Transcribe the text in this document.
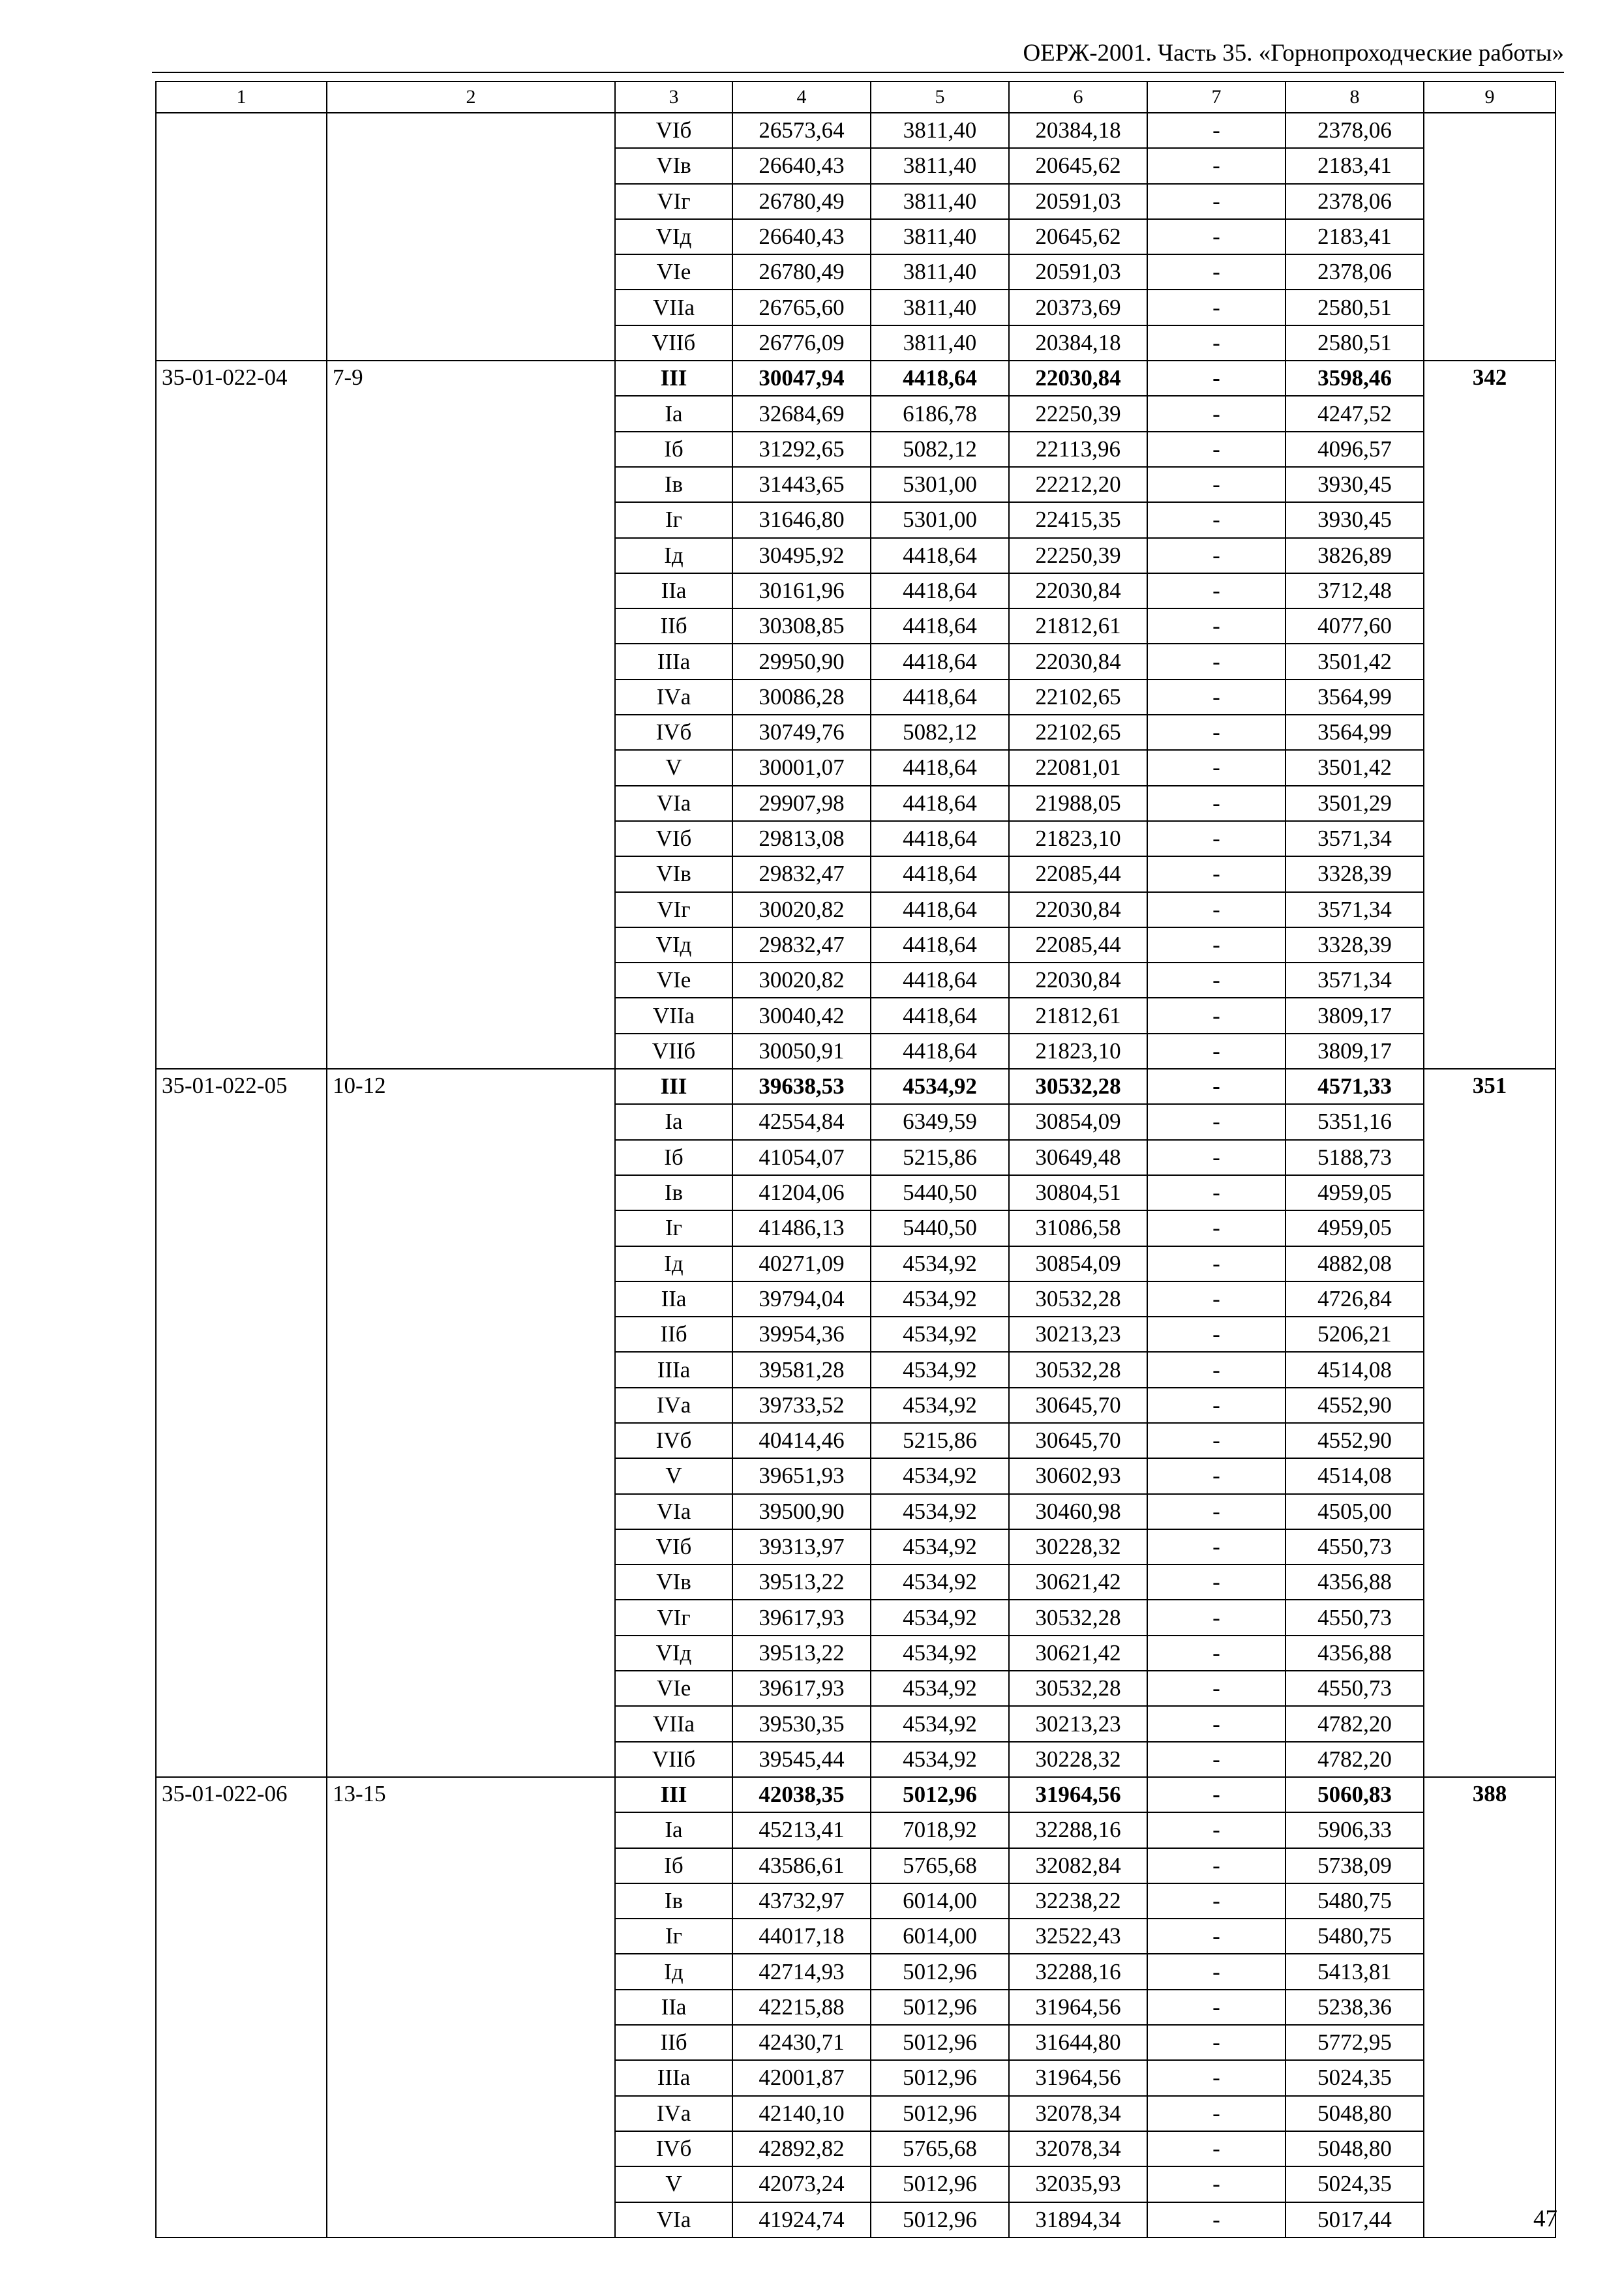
ОЕРЖ-2001. Часть 35. «Горнопроходческие работы»
1	2	3	4	5	6	7	8	9
		VIб	26573,64	3811,40	20384,18	-	2378,06	
		VIв	26640,43	3811,40	20645,62	-	2183,41	
		VIг	26780,49	3811,40	20591,03	-	2378,06	
		VIд	26640,43	3811,40	20645,62	-	2183,41	
		VIе	26780,49	3811,40	20591,03	-	2378,06	
		VIIа	26765,60	3811,40	20373,69	-	2580,51	
		VIIб	26776,09	3811,40	20384,18	-	2580,51	
35-01-022-04	7-9	III	30047,94	4418,64	22030,84	-	3598,46	342
		Iа	32684,69	6186,78	22250,39	-	4247,52	
		Iб	31292,65	5082,12	22113,96	-	4096,57	
		Iв	31443,65	5301,00	22212,20	-	3930,45	
		Iг	31646,80	5301,00	22415,35	-	3930,45	
		Iд	30495,92	4418,64	22250,39	-	3826,89	
		IIа	30161,96	4418,64	22030,84	-	3712,48	
		IIб	30308,85	4418,64	21812,61	-	4077,60	
		IIIа	29950,90	4418,64	22030,84	-	3501,42	
		IVа	30086,28	4418,64	22102,65	-	3564,99	
		IVб	30749,76	5082,12	22102,65	-	3564,99	
		V	30001,07	4418,64	22081,01	-	3501,42	
		VIа	29907,98	4418,64	21988,05	-	3501,29	
		VIб	29813,08	4418,64	21823,10	-	3571,34	
		VIв	29832,47	4418,64	22085,44	-	3328,39	
		VIг	30020,82	4418,64	22030,84	-	3571,34	
		VIд	29832,47	4418,64	22085,44	-	3328,39	
		VIе	30020,82	4418,64	22030,84	-	3571,34	
		VIIа	30040,42	4418,64	21812,61	-	3809,17	
		VIIб	30050,91	4418,64	21823,10	-	3809,17	
35-01-022-05	10-12	III	39638,53	4534,92	30532,28	-	4571,33	351
		Iа	42554,84	6349,59	30854,09	-	5351,16	
		Iб	41054,07	5215,86	30649,48	-	5188,73	
		Iв	41204,06	5440,50	30804,51	-	4959,05	
		Iг	41486,13	5440,50	31086,58	-	4959,05	
		Iд	40271,09	4534,92	30854,09	-	4882,08	
		IIа	39794,04	4534,92	30532,28	-	4726,84	
		IIб	39954,36	4534,92	30213,23	-	5206,21	
		IIIа	39581,28	4534,92	30532,28	-	4514,08	
		IVа	39733,52	4534,92	30645,70	-	4552,90	
		IVб	40414,46	5215,86	30645,70	-	4552,90	
		V	39651,93	4534,92	30602,93	-	4514,08	
		VIа	39500,90	4534,92	30460,98	-	4505,00	
		VIб	39313,97	4534,92	30228,32	-	4550,73	
		VIв	39513,22	4534,92	30621,42	-	4356,88	
		VIг	39617,93	4534,92	30532,28	-	4550,73	
		VIд	39513,22	4534,92	30621,42	-	4356,88	
		VIе	39617,93	4534,92	30532,28	-	4550,73	
		VIIа	39530,35	4534,92	30213,23	-	4782,20	
		VIIб	39545,44	4534,92	30228,32	-	4782,20	
35-01-022-06	13-15	III	42038,35	5012,96	31964,56	-	5060,83	388
		Iа	45213,41	7018,92	32288,16	-	5906,33	
		Iб	43586,61	5765,68	32082,84	-	5738,09	
		Iв	43732,97	6014,00	32238,22	-	5480,75	
		Iг	44017,18	6014,00	32522,43	-	5480,75	
		Iд	42714,93	5012,96	32288,16	-	5413,81	
		IIа	42215,88	5012,96	31964,56	-	5238,36	
		IIб	42430,71	5012,96	31644,80	-	5772,95	
		IIIа	42001,87	5012,96	31964,56	-	5024,35	
		IVа	42140,10	5012,96	32078,34	-	5048,80	
		IVб	42892,82	5765,68	32078,34	-	5048,80	
		V	42073,24	5012,96	32035,93	-	5024,35	
		VIа	41924,74	5012,96	31894,34	-	5017,44		47
